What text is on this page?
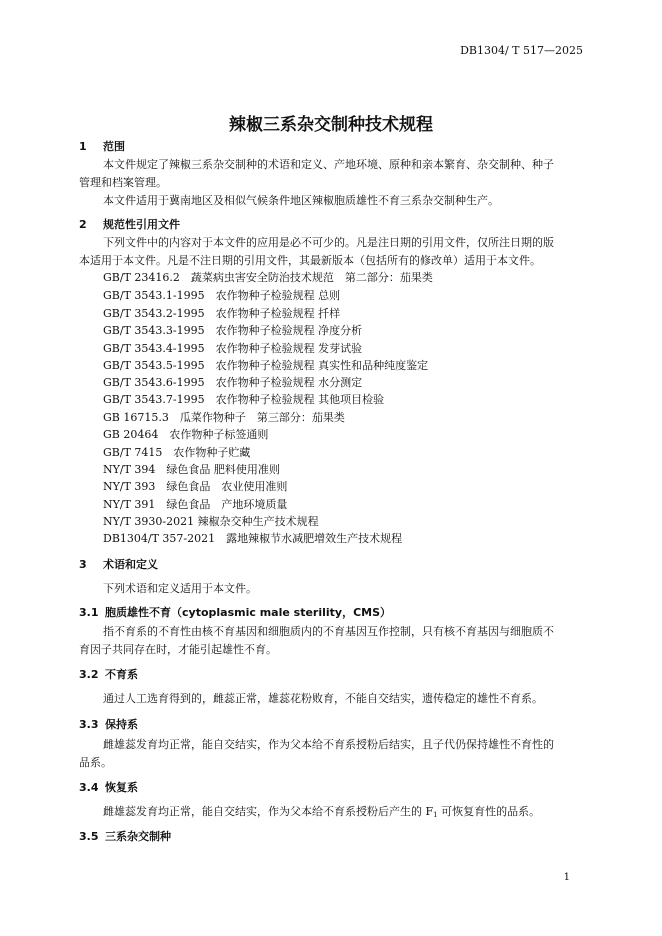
DB1304/ T 517—2025
辣椒三系杂交制种技术规程
1 范围
本文件规定了辣椒三系杂交制种的术语和定义、产地环境、原种和亲本繁育、杂交制种、种子
管理和档案管理。
本文件适用于冀南地区及相似气候条件地区辣椒胞质雄性不育三系杂交制种生产。
2 规范性引用文件
下列文件中的内容对于本文件的应用是必不可少的。凡是注日期的引用文件，仅所注日期的版
本适用于本文件。凡是不注日期的引用文件，其最新版本（包括所有的修改单）适用于本文件。
GB/T 23416.2　蔬菜病虫害安全防治技术规范　第二部分：茄果类
GB/T 3543.1-1995　农作物种子检验规程 总则
GB/T 3543.2-1995　农作物种子检验规程 扦样
GB/T 3543.3-1995　农作物种子检验规程 净度分析
GB/T 3543.4-1995　农作物种子检验规程 发芽试验
GB/T 3543.5-1995　农作物种子检验规程 真实性和品种纯度鉴定
GB/T 3543.6-1995　农作物种子检验规程 水分测定
GB/T 3543.7-1995　农作物种子检验规程 其他项目检验
GB 16715.3　瓜菜作物种子　第三部分：茄果类
GB 20464　农作物种子标签通则
GB/T 7415　农作物种子贮藏
NY/T 394　绿色食品 肥料使用准则
NY/T 393　绿色食品　农业使用准则
NY/T 391　绿色食品　产地环境质量
NY/T 3930-2021 辣椒杂交种生产技术规程
DB1304/T 357-2021　露地辣椒节水减肥增效生产技术规程
3 术语和定义
下列术语和定义适用于本文件。
3.1 胞质雄性不育（cytoplasmic male sterility，CMS）
指不育系的不育性由核不育基因和细胞质内的不育基因互作控制，只有核不育基因与细胞质不
育因子共同存在时，才能引起雄性不育。
3.2 不育系
通过人工选育得到的，雌蕊正常，雄蕊花粉败育，不能自交结实，遗传稳定的雄性不育系。
3.3 保持系
雌雄蕊发育均正常，能自交结实，作为父本给不育系授粉后结实，且子代仍保持雄性不育性的
品系。
3.4 恢复系
雌雄蕊发育均正常，能自交结实，作为父本给不育系授粉后产生的 $F_1$ 可恢复育性的品系。
3.5 三系杂交制种
1
